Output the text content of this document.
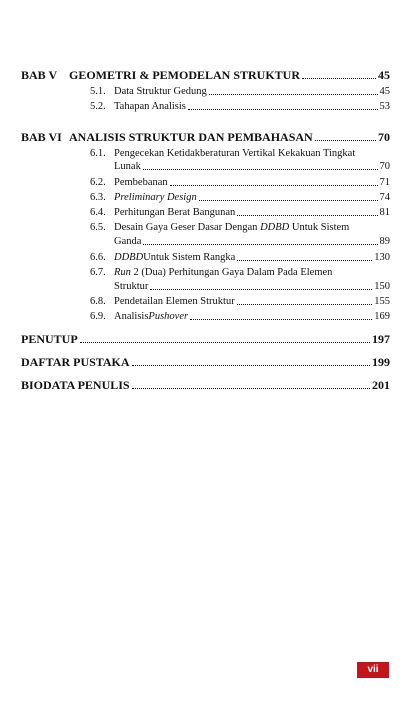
BAB V GEOMETRI & PEMODELAN STRUKTUR	45
5.1. Data Struktur Gedung	45
5.2. Tahapan Analisis	53
BAB VI ANALISIS STRUKTUR DAN PEMBAHASAN	70
6.1. Pengecekan Ketidakberaturan Vertikal Kekakuan Tingkat
Lunak	70
6.2. Pembebanan	71
6.3. Preliminary Design	74
6.4. Perhitungan Berat Bangunan	81
6.5. Desain Gaya Geser Dasar Dengan DDBD Untuk Sistem
Ganda	89
6.6. DDBD Untuk Sistem Rangka	130
6.7. Run 2 (Dua) Perhitungan Gaya Dalam Pada Elemen
Struktur	150
6.8. Pendetailan Elemen Struktur	155
6.9. Analisis Pushover	169
PENUTUP	197
DAFTAR PUSTAKA	199
BIODATA PENULIS	201
vii
